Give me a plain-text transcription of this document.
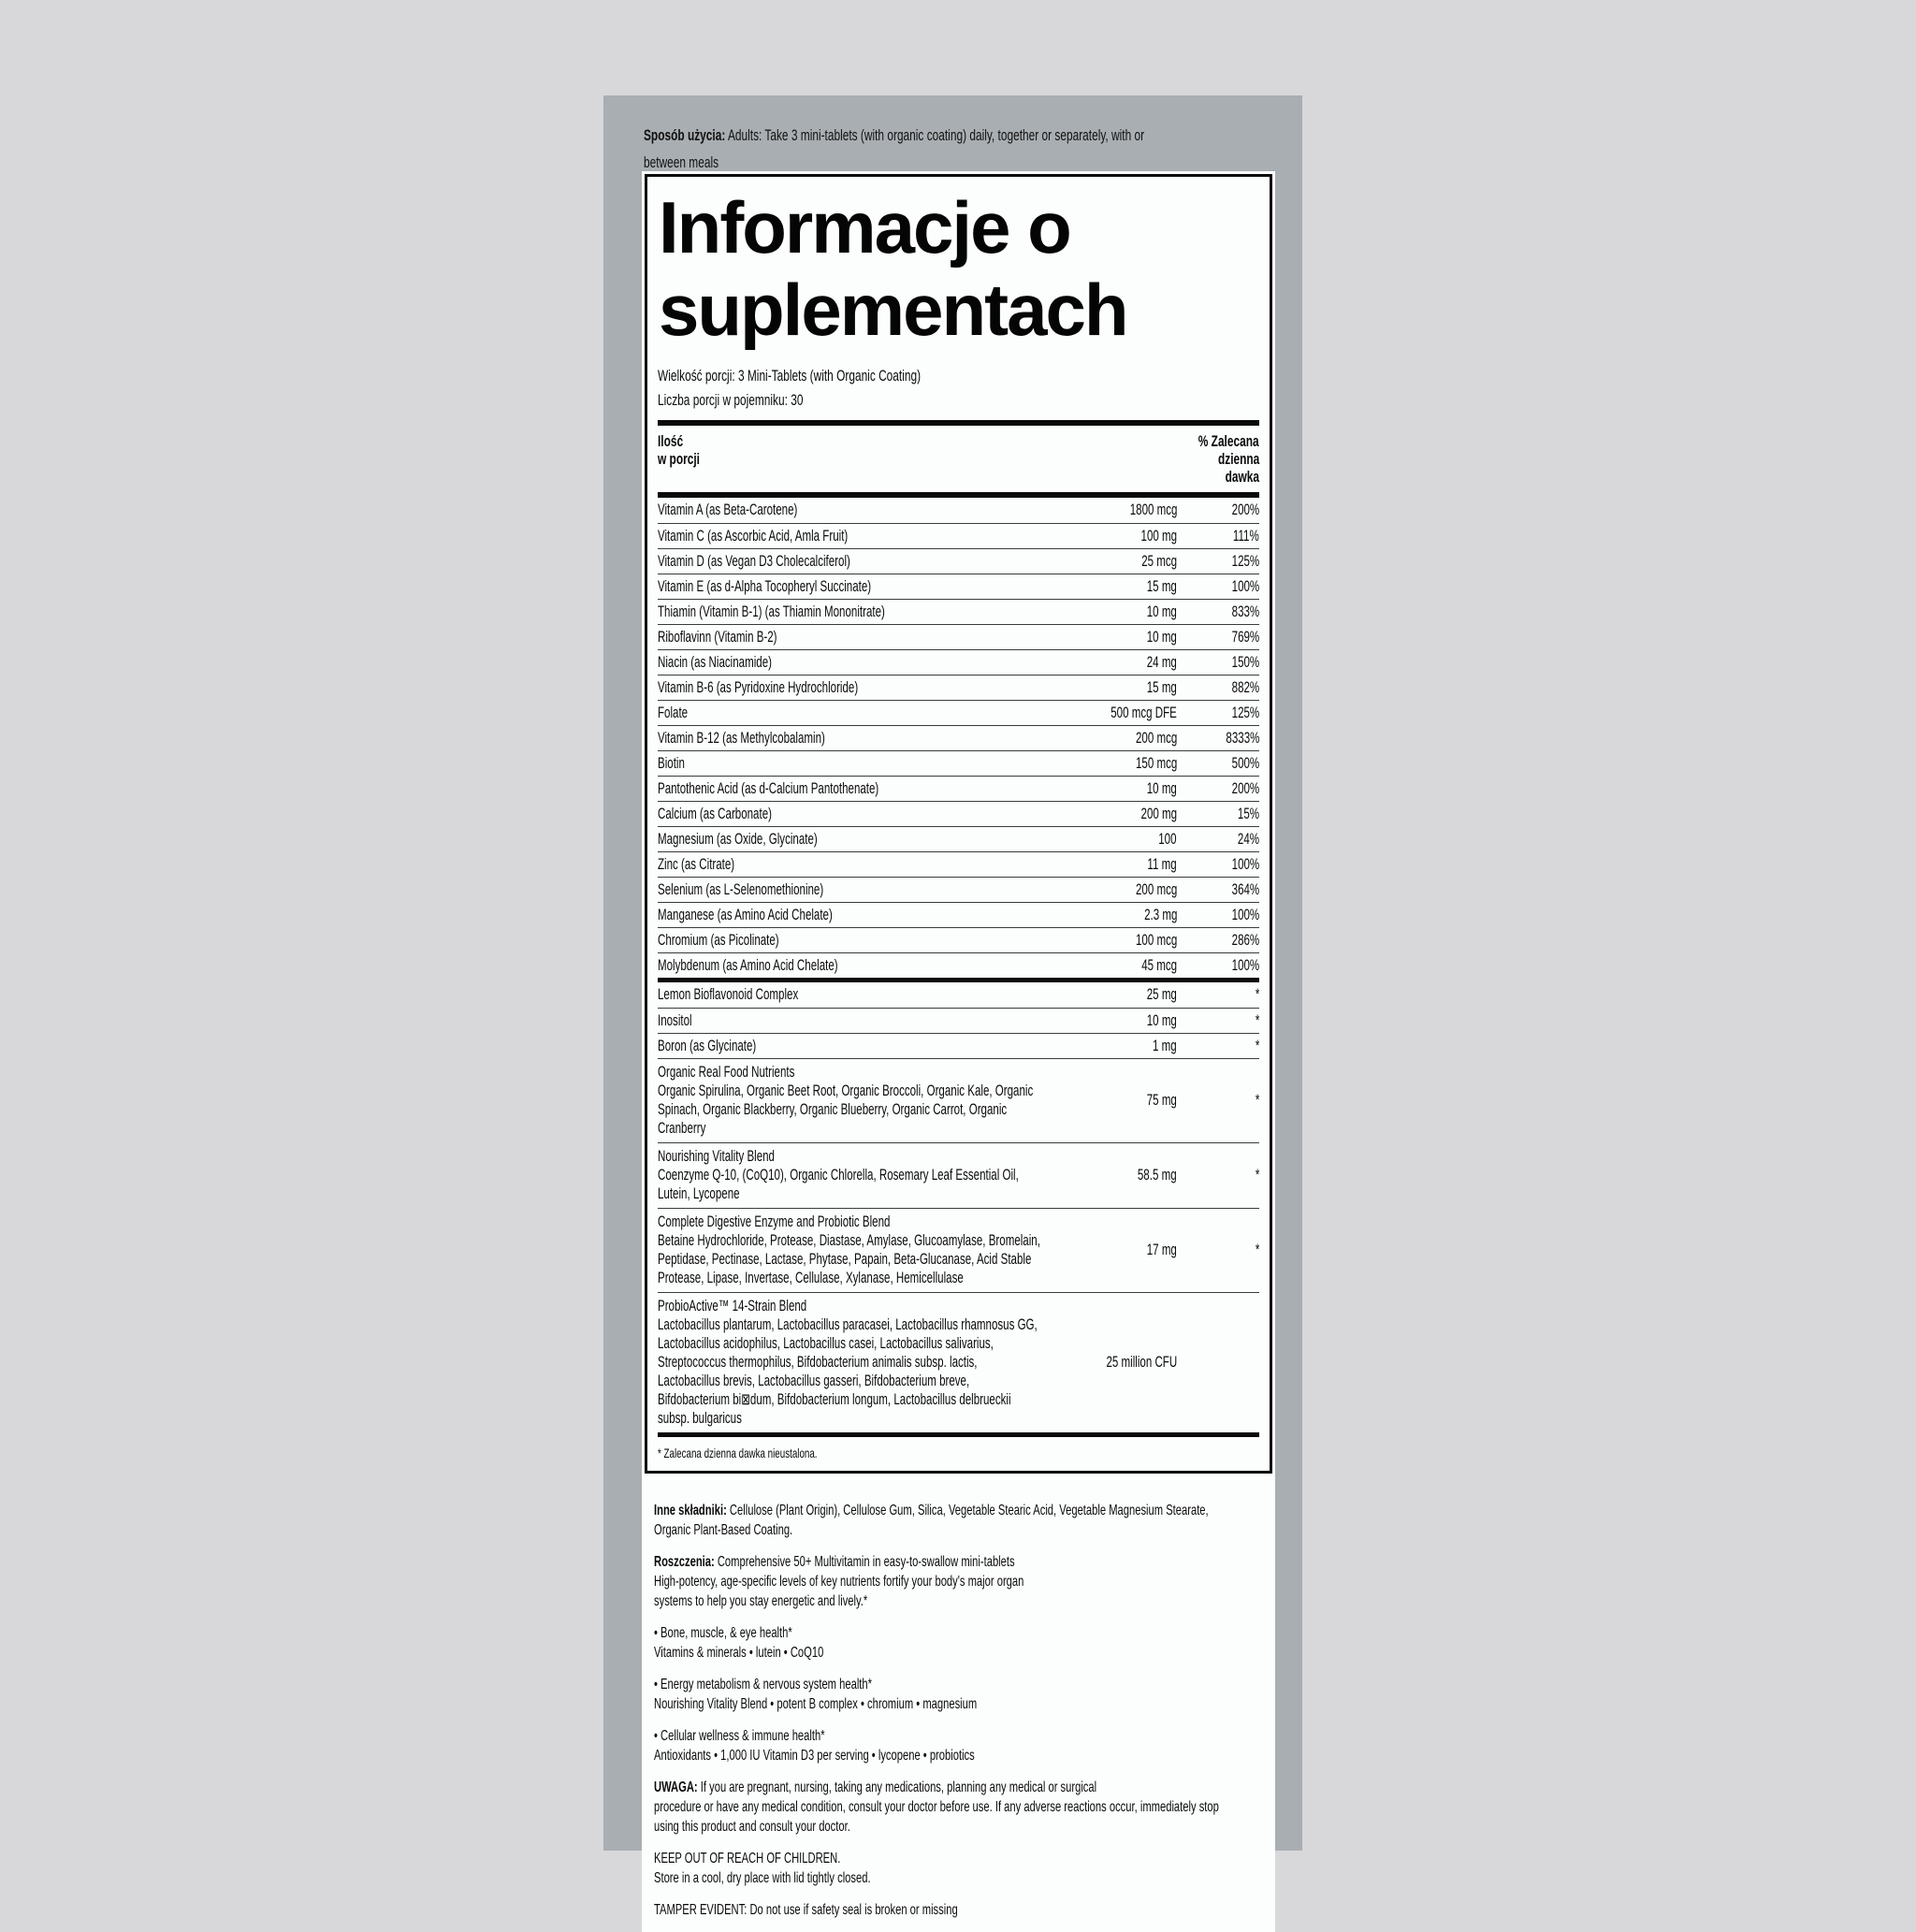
Sposób użycia: Adults: Take 3 mini-tablets (with organic coating) daily, together or separately, with or
between meals
Informacje o
suplementach
Wielkość porcji: 3 Mini-Tablets (with Organic Coating)
Liczba porcji w pojemniku: 30
Ilość
w porcji
% Zalecana
dzienna
dawka
Vitamin A (as Beta-Carotene)	1800 mcg	200%
Vitamin C (as Ascorbic Acid, Amla Fruit)	100 mg	111%
Vitamin D (as Vegan D3 Cholecalciferol)	25 mcg	125%
Vitamin E (as d-Alpha Tocopheryl Succinate)	15 mg	100%
Thiamin (Vitamin B-1) (as Thiamin Mononitrate)	10 mg	833%
Riboflavinn (Vitamin B-2)	10 mg	769%
Niacin (as Niacinamide)	24 mg	150%
Vitamin B-6 (as Pyridoxine Hydrochloride)	15 mg	882%
Folate	500 mcg DFE	125%
Vitamin B-12 (as Methylcobalamin)	200 mcg	8333%
Biotin	150 mcg	500%
Pantothenic Acid (as d-Calcium Pantothenate)	10 mg	200%
Calcium (as Carbonate)	200 mg	15%
Magnesium (as Oxide, Glycinate)	100	24%
Zinc (as Citrate)	11 mg	100%
Selenium (as L-Selenomethionine)	200 mcg	364%
Manganese (as Amino Acid Chelate)	2.3 mg	100%
Chromium (as Picolinate)	100 mcg	286%
Molybdenum (as Amino Acid Chelate)	45 mcg	100%
Lemon Bioflavonoid Complex	25 mg	*
Inositol	10 mg	*
Boron (as Glycinate)	1 mg	*
Organic Real Food Nutrients
Organic Spirulina, Organic Beet Root, Organic Broccoli, Organic Kale, Organic
Spinach, Organic Blackberry, Organic Blueberry, Organic Carrot, Organic
Cranberry
75 mg	*
Nourishing Vitality Blend
Coenzyme Q-10, (CoQ10), Organic Chlorella, Rosemary Leaf Essential Oil,
Lutein, Lycopene
58.5 mg	*
Complete Digestive Enzyme and Probiotic Blend
Betaine Hydrochloride, Protease, Diastase, Amylase, Glucoamylase, Bromelain,
Peptidase, Pectinase, Lactase, Phytase, Papain, Beta-Glucanase, Acid Stable
Protease, Lipase, Invertase, Cellulase, Xylanase, Hemicellulase
17 mg	*
ProbioActive™ 14-Strain Blend
Lactobacillus plantarum, Lactobacillus paracasei, Lactobacillus rhamnosus GG,
Lactobacillus acidophilus, Lactobacillus casei, Lactobacillus salivarius,
Streptococcus thermophilus, Bifdobacterium animalis subsp. lactis,
Lactobacillus brevis, Lactobacillus gasseri, Bifdobacterium breve,
Bifdobacterium bi⊠dum, Bifdobacterium longum, Lactobacillus delbrueckii
subsp. bulgaricus
25 million CFU
* Zalecana dzienna dawka nieustalona.
Inne składniki: Cellulose (Plant Origin), Cellulose Gum, Silica, Vegetable Stearic Acid, Vegetable Magnesium Stearate,
Organic Plant-Based Coating.
Roszczenia: Comprehensive 50+ Multivitamin in easy-to-swallow mini-tablets
High-potency, age-specific levels of key nutrients fortify your body's major organ
systems to help you stay energetic and lively.*
• Bone, muscle, & eye health*
Vitamins & minerals • lutein • CoQ10
• Energy metabolism & nervous system health*
Nourishing Vitality Blend • potent B complex • chromium • magnesium
• Cellular wellness & immune health*
Antioxidants • 1,000 IU Vitamin D3 per serving • lycopene • probiotics
UWAGA: If you are pregnant, nursing, taking any medications, planning any medical or surgical
procedure or have any medical condition, consult your doctor before use. If any adverse reactions occur, immediately stop
using this product and consult your doctor.
KEEP OUT OF REACH OF CHILDREN.
Store in a cool, dry place with lid tightly closed.
TAMPER EVIDENT: Do not use if safety seal is broken or missing
